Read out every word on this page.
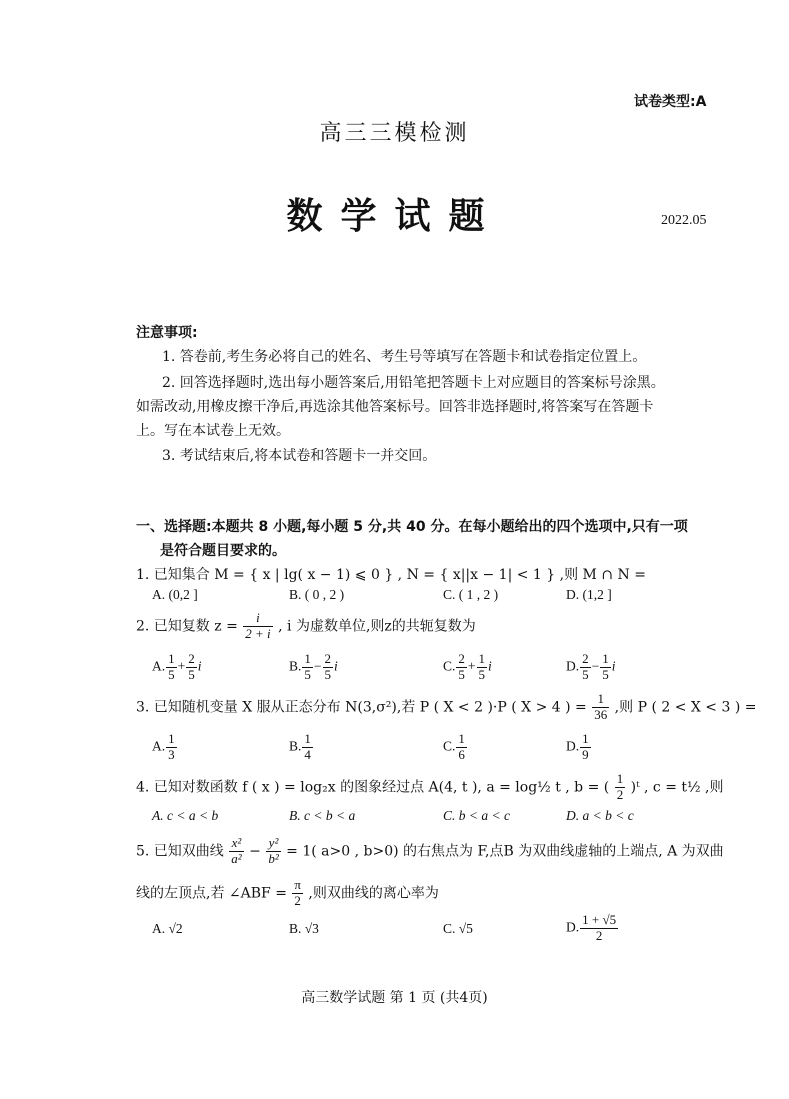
试卷类型:A
高三三模检测
数学试题	2022.05
注意事项:
1. 答卷前,考生务必将自己的姓名、考生号等填写在答题卡和试卷指定位置上。
2. 回答选择题时,选出每小题答案后,用铅笔把答题卡上对应题目的答案标号涂黑。
如需改动,用橡皮擦干净后,再选涂其他答案标号。回答非选择题时,将答案写在答题卡
上。写在本试卷上无效。
3. 考试结束后,将本试卷和答题卡一并交回。
一、选择题:本题共 8 小题,每小题 5 分,共 40 分。在每小题给出的四个选项中,只有一项
是符合题目要求的。
1. 已知集合 M = { x | lg( x − 1) ⩽ 0 } , N = { x||x − 1| < 1 } ,则 M ∩ N =
A. (0,2 ]	B. ( 0 , 2 )	C. ( 1 , 2 )	D. (1,2 ]
2. 已知复数 $z = \frac{i}{2 + i}$ , i 为虚数单位,则z的共轭复数为
A. $\frac{1}{5} + \frac{2}{5}$ i	B. $\frac{1}{5} - \frac{2}{5}$ i	C. $\frac{2}{5} + \frac{1}{5}$ i	D. $\frac{2}{5} - \frac{1}{5}$ i
3. 已知随机变量 X 服从正态分布 N(3,σ²),若 P ( X < 2 )·P ( X > 4 ) = $\frac{1}{36}$ ,则 P ( 2 < X < 3 ) =
A. $\frac{1}{3}$	B. $\frac{1}{4}$	C. $\frac{1}{6}$	D. $\frac{1}{9}$
4. 已知对数函数 f ( x ) = log₂x 的图象经过点 A(4, t ), a = log½ t , b = ( $\frac{1}{2}$ )ᵗ , c = t½ ,则
A. c < a < b	B. c < b < a	C. b < a < c	D. a < b < c
5. 已知双曲线 $\frac{\text{x²}}{\text{a²}} - \frac{\text{y²}}{\text{b²}} = 1$( a>0 , b>0) 的右焦点为 F,点B 为双曲线虚轴的上端点, A 为双曲
线的左顶点,若 ∠ABF = $\frac{\pi}{2}$ ,则双曲线的离心率为
A. √2	B. √3	C. √5	D. $\frac{1 + √5}{2}$
高三数学试题 第 1 页 (共4页)
